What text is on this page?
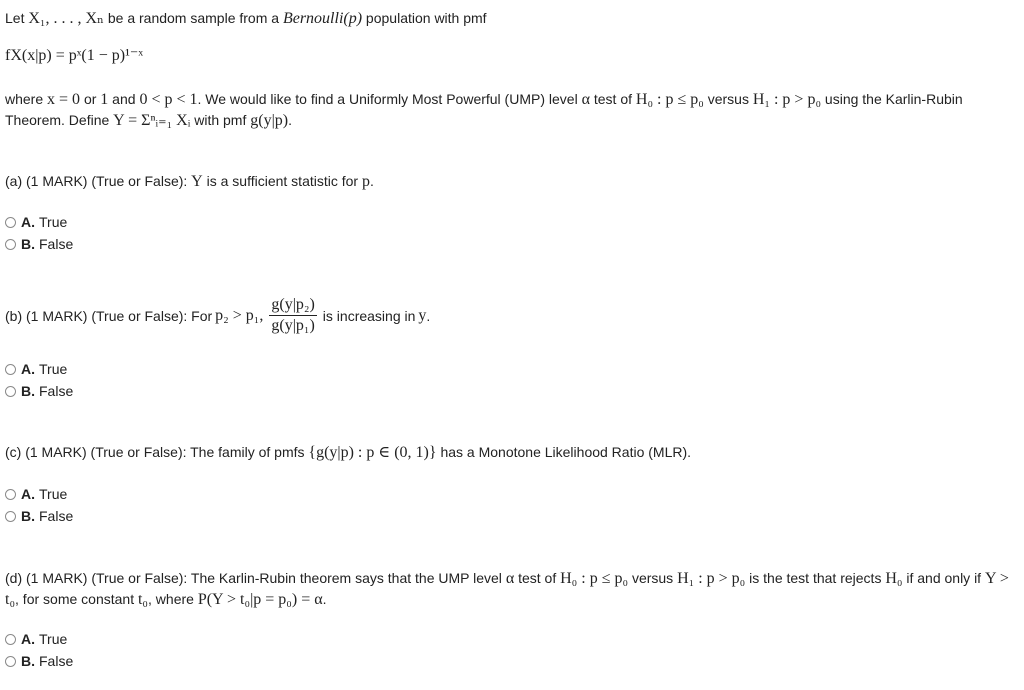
Let X₁, . . . , Xₙ be a random sample from a Bernoulli(p) population with pmf
fX(x|p) = pˣ(1 − p)¹⁻ˣ
where x = 0 or 1 and 0 < p < 1. We would like to find a Uniformly Most Powerful (UMP) level α test of H₀ : p ≤ p₀ versus H₁ : p > p₀ using the Karlin-Rubin Theorem. Define Y = Σⁿᵢ₌₁ Xᵢ with pmf g(y|p).
(a) (1 MARK) (True or False): Y is a sufficient statistic for p.
A. True
B. False
(b) (1 MARK) (True or False): For p₂ > p₁, $\frac{\text{g(y|p₂)}}{\text{g(y|p₁)}}$ is increasing in y .
A. True
B. False
(c) (1 MARK) (True or False): The family of pmfs {g(y|p) : p ∈ (0, 1)} has a Monotone Likelihood Ratio (MLR).
A. True
B. False
(d) (1 MARK) (True or False): The Karlin-Rubin theorem says that the UMP level α test of H₀ : p ≤ p₀ versus H₁ : p > p₀ is the test that rejects H₀ if and only if Y > t₀, for some constant t₀, where P(Y > t₀|p = p₀) = α.
A. True
B. False
